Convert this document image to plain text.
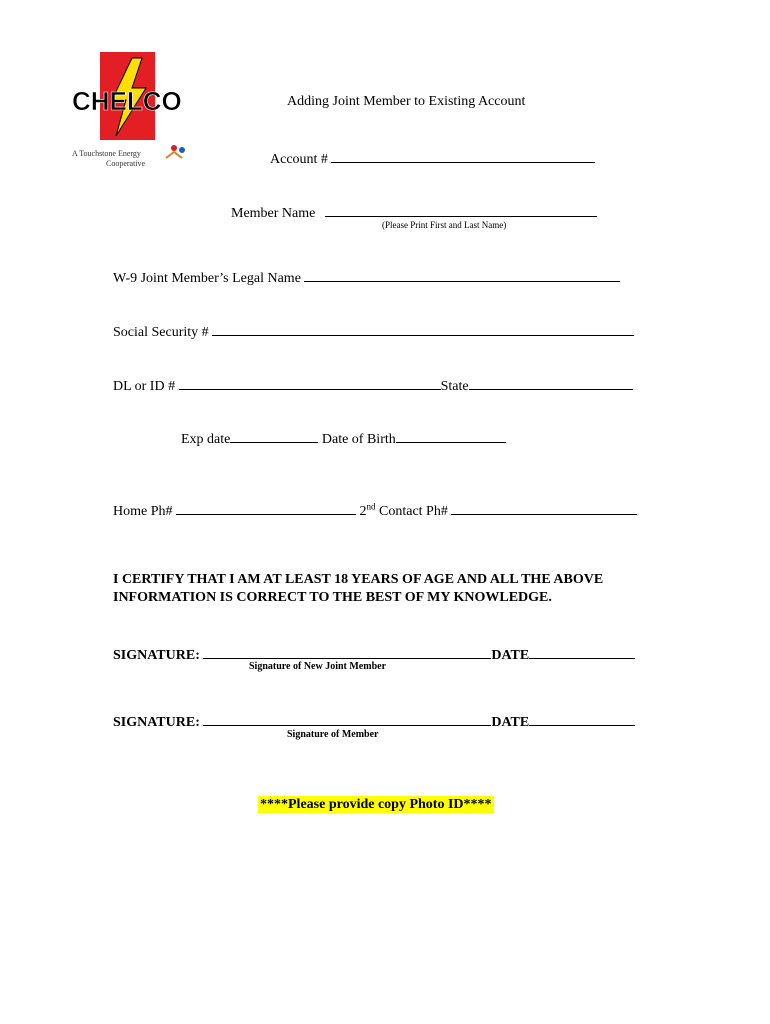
CHELCO
A Touchstone Energy
Cooperative
Adding Joint Member to Existing Account
Account #
Member Name
(Please Print First and Last Name)
W-9 Joint Member’s Legal Name
Social Security #
DL or ID #	State
Exp date	Date of Birth
Home Ph#	2nd Contact Ph#
I CERTIFY THAT I AM AT LEAST 18 YEARS OF AGE AND ALL THE ABOVE
INFORMATION IS CORRECT TO THE BEST OF MY KNOWLEDGE.
SIGNATURE:	DATE
Signature of New Joint Member
SIGNATURE:	DATE
Signature of Member
****Please provide copy Photo ID****
